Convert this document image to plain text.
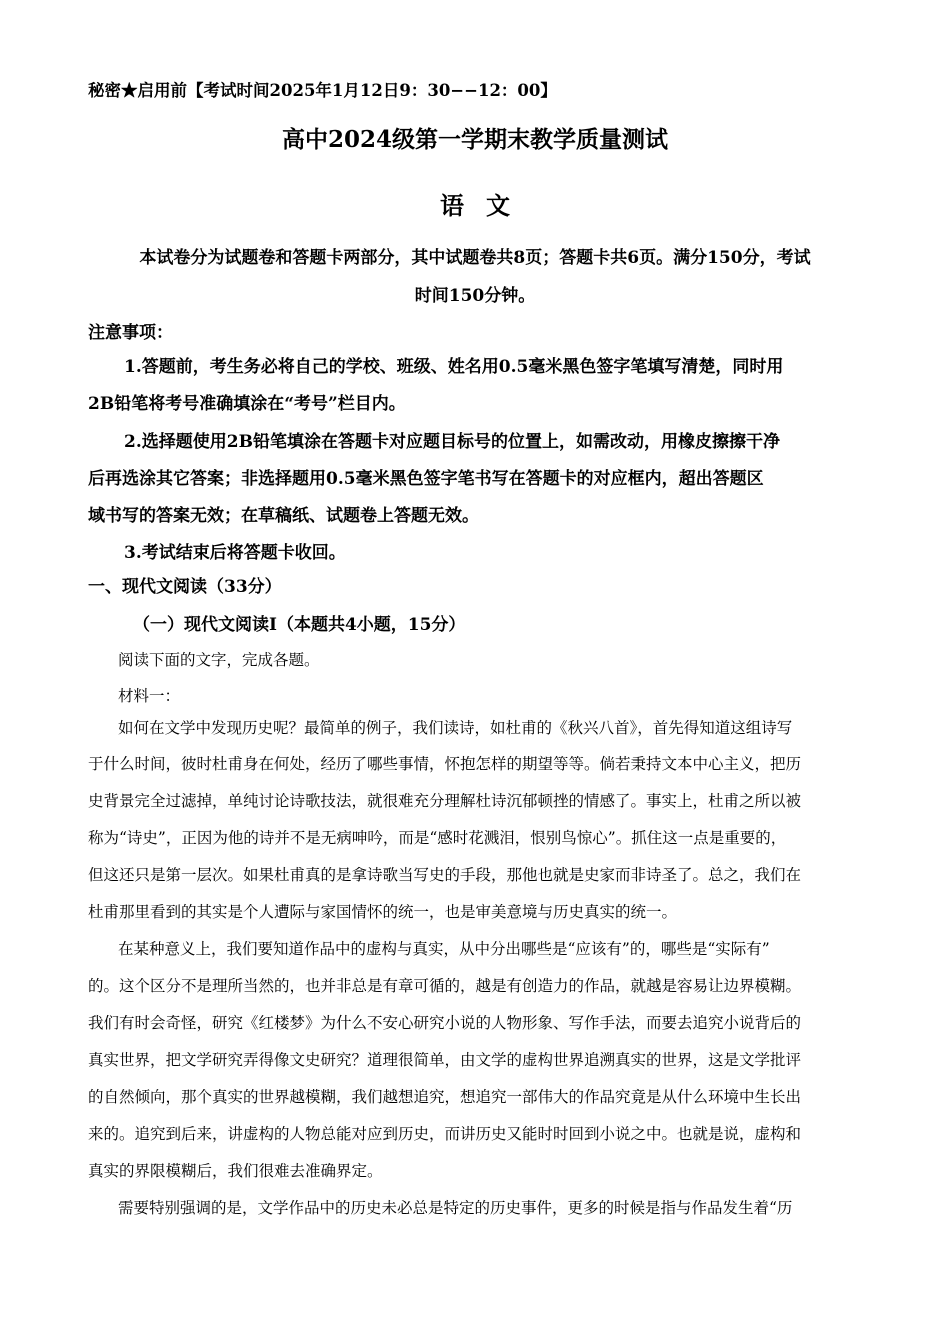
秘密★启用前【考试时间2025年1月12日9：30−−12：00】
高中2024级第一学期末教学质量测试
语文
本试卷分为试题卷和答题卡两部分，其中试题卷共8页；答题卡共6页。满分150分，考试
时间150分钟。
注意事项：
1.答题前，考生务必将自己的学校、班级、姓名用0.5毫米黑色签字笔填写清楚，同时用
2B铅笔将考号准确填涂在“考号”栏目内。
2.选择题使用2B铅笔填涂在答题卡对应题目标号的位置上，如需改动，用橡皮擦擦干净
后再选涂其它答案；非选择题用0.5毫米黑色签字笔书写在答题卡的对应框内，超出答题区
域书写的答案无效；在草稿纸、试题卷上答题无效。
3.考试结束后将答题卡收回。
一、现代文阅读（33分）
（一）现代文阅读Ⅰ（本题共4小题，15分）
阅读下面的文字，完成各题。
材料一：
如何在文学中发现历史呢？最简单的例子，我们读诗，如杜甫的《秋兴八首》，首先得知道这组诗写
于什么时间，彼时杜甫身在何处，经历了哪些事情，怀抱怎样的期望等等。倘若秉持文本中心主义，把历
史背景完全过滤掉，单纯讨论诗歌技法，就很难充分理解杜诗沉郁顿挫的情感了。事实上，杜甫之所以被
称为“诗史”，正因为他的诗并不是无病呻吟，而是“感时花溅泪，恨别鸟惊心”。抓住这一点是重要的，
但这还只是第一层次。如果杜甫真的是拿诗歌当写史的手段，那他也就是史家而非诗圣了。总之，我们在
杜甫那里看到的其实是个人遭际与家国情怀的统一，也是审美意境与历史真实的统一。
在某种意义上，我们要知道作品中的虚构与真实，从中分出哪些是“应该有”的，哪些是“实际有”
的。这个区分不是理所当然的，也并非总是有章可循的，越是有创造力的作品，就越是容易让边界模糊。
我们有时会奇怪，研究《红楼梦》为什么不安心研究小说的人物形象、写作手法，而要去追究小说背后的
真实世界，把文学研究弄得像文史研究？道理很简单，由文学的虚构世界追溯真实的世界，这是文学批评
的自然倾向，那个真实的世界越模糊，我们越想追究，想追究一部伟大的作品究竟是从什么环境中生长出
来的。追究到后来，讲虚构的人物总能对应到历史，而讲历史又能时时回到小说之中。也就是说，虚构和
真实的界限模糊后，我们很难去准确界定。
需要特别强调的是，文学作品中的历史未必总是特定的历史事件，更多的时候是指与作品发生着“历
